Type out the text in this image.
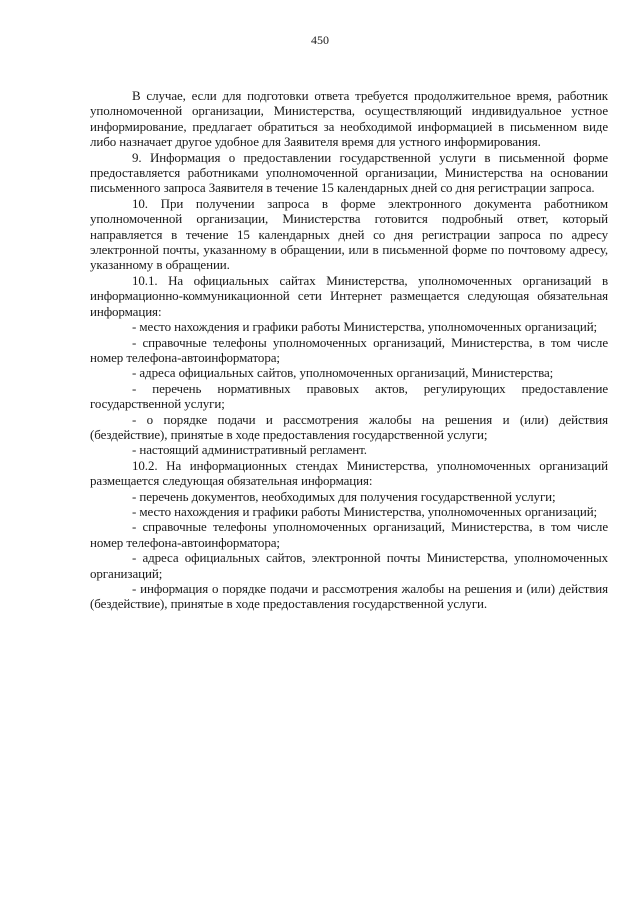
450

В случае, если для подготовки ответа требуется продолжительное время, работник уполномоченной организации, Министерства, осуществляющий индивидуальное устное информирование, предлагает обратиться за необходимой информацией в письменном виде либо назначает другое удобное для Заявителя время для устного информирования.

9. Информация о предоставлении государственной услуги в письменной форме предоставляется работниками уполномоченной организации, Министерства на основании письменного запроса Заявителя в течение 15 календарных дней со дня регистрации запроса.

10. При получении запроса в форме электронного документа работником уполномоченной организации, Министерства готовится подробный ответ, который направляется в течение 15 календарных дней со дня регистрации запроса по адресу электронной почты, указанному в обращении, или в письменной форме по почтовому адресу, указанному в обращении.

10.1. На официальных сайтах Министерства, уполномоченных организаций в информационно-коммуникационной сети Интернет размещается следующая обязательная информация:

- место нахождения и графики работы Министерства, уполномоченных организаций;

- справочные телефоны уполномоченных организаций, Министерства, в том числе номер телефона-автоинформатора;

- адреса официальных сайтов, уполномоченных организаций, Министерства;

- перечень нормативных правовых актов, регулирующих предоставление государственной услуги;

- о порядке подачи и рассмотрения жалобы на решения и (или) действия (бездействие), принятые в ходе предоставления государственной услуги;

- настоящий административный регламент.

10.2. На информационных стендах Министерства, уполномоченных организаций размещается следующая обязательная информация:

- перечень документов, необходимых для получения государственной услуги;

- место нахождения и графики работы Министерства, уполномоченных организаций;

- справочные телефоны уполномоченных организаций, Министерства, в том числе номер телефона-автоинформатора;

- адреса официальных сайтов, электронной почты Министерства, уполномоченных организаций;

- информация о порядке подачи и рассмотрения жалобы на решения и (или) действия (бездействие), принятые в ходе предоставления государственной услуги.
